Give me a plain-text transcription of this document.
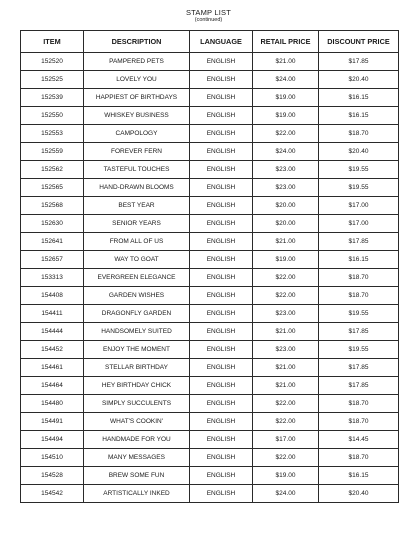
STAMP LIST
(continued)
ITEM	DESCRIPTION	LANGUAGE	RETAIL PRICE	DISCOUNT PRICE
152520	PAMPERED PETS	ENGLISH	$21.00	$17.85
152525	LOVELY YOU	ENGLISH	$24.00	$20.40
152539	HAPPIEST OF BIRTHDAYS	ENGLISH	$19.00	$16.15
152550	WHISKEY BUSINESS	ENGLISH	$19.00	$16.15
152553	CAMPOLOGY	ENGLISH	$22.00	$18.70
152559	FOREVER FERN	ENGLISH	$24.00	$20.40
152562	TASTEFUL TOUCHES	ENGLISH	$23.00	$19.55
152565	HAND-DRAWN BLOOMS	ENGLISH	$23.00	$19.55
152568	BEST YEAR	ENGLISH	$20.00	$17.00
152630	SENIOR YEARS	ENGLISH	$20.00	$17.00
152641	FROM ALL OF US	ENGLISH	$21.00	$17.85
152657	WAY TO GOAT	ENGLISH	$19.00	$16.15
153313	EVERGREEN ELEGANCE	ENGLISH	$22.00	$18.70
154408	GARDEN WISHES	ENGLISH	$22.00	$18.70
154411	DRAGONFLY GARDEN	ENGLISH	$23.00	$19.55
154444	HANDSOMELY SUITED	ENGLISH	$21.00	$17.85
154452	ENJOY THE MOMENT	ENGLISH	$23.00	$19.55
154461	STELLAR BIRTHDAY	ENGLISH	$21.00	$17.85
154464	HEY BIRTHDAY CHICK	ENGLISH	$21.00	$17.85
154480	SIMPLY SUCCULENTS	ENGLISH	$22.00	$18.70
154491	WHAT'S COOKIN'	ENGLISH	$22.00	$18.70
154494	HANDMADE FOR YOU	ENGLISH	$17.00	$14.45
154510	MANY MESSAGES	ENGLISH	$22.00	$18.70
154528	BREW SOME FUN	ENGLISH	$19.00	$16.15
154542	ARTISTICALLY INKED	ENGLISH	$24.00	$20.40
